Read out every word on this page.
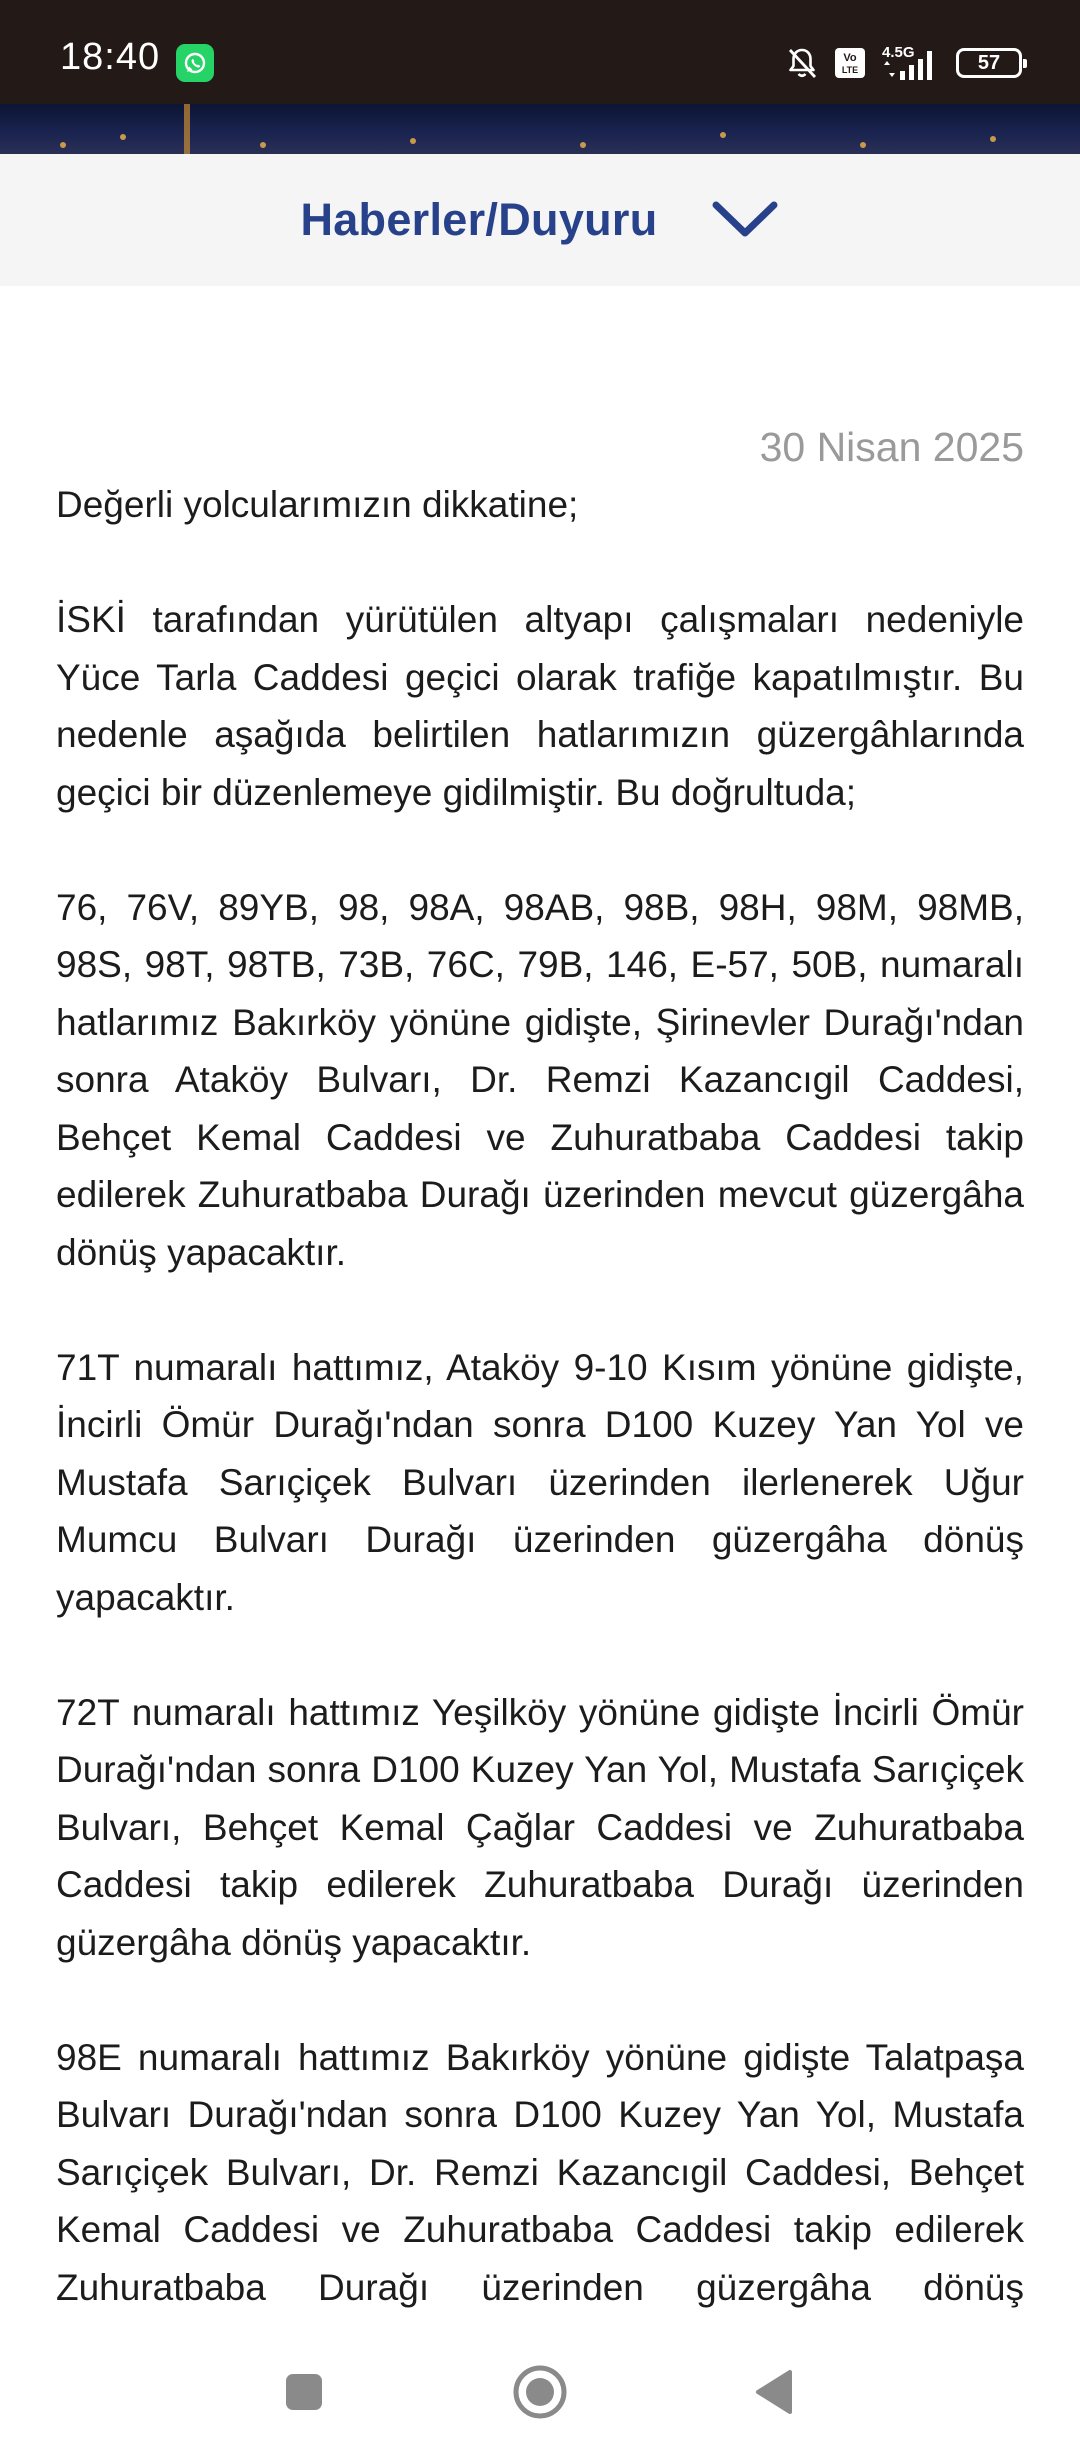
18:40	Vo
LTE
4.5G	57
Haberler/Duyuru
30 Nisan 2025

Değerli yolcularımızın dikkatine;

İSKİ tarafından yürütülen altyapı çalışmaları nedeniyle Yüce Tarla Caddesi geçici olarak trafiğe kapatılmıştır. Bu nedenle aşağıda belirtilen hatlarımızın güzergâhlarında geçici bir düzenlemeye gidilmiştir. Bu doğrultuda;

76, 76V, 89YB, 98, 98A, 98AB, 98B, 98H, 98M, 98MB, 98S, 98T, 98TB, 73B, 76C, 79B, 146, E-57, 50B, numaralı hatlarımız Bakırköy yönüne gidişte, Şirinevler Durağı'ndan sonra Ataköy Bulvarı, Dr. Remzi Kazancıgil Caddesi, Behçet Kemal Caddesi ve Zuhuratbaba Caddesi takip edilerek Zuhuratbaba Durağı üzerinden mevcut güzergâha dönüş yapacaktır.

71T numaralı hattımız, Ataköy 9-10 Kısım yönüne gidişte, İncirli Ömür Durağı'ndan sonra D100 Kuzey Yan Yol ve Mustafa Sarıçiçek Bulvarı üzerinden ilerlenerek Uğur Mumcu Bulvarı Durağı üzerinden güzergâha dönüş yapacaktır.

72T numaralı hattımız Yeşilköy yönüne gidişte İncirli Ömür Durağı'ndan sonra D100 Kuzey Yan Yol, Mustafa Sarıçiçek Bulvarı, Behçet Kemal Çağlar Caddesi ve Zuhuratbaba Caddesi takip edilerek Zuhuratbaba Durağı üzerinden güzergâha dönüş yapacaktır.

98E numaralı hattımız Bakırköy yönüne gidişte Talatpaşa Bulvarı Durağı'ndan sonra D100 Kuzey Yan Yol, Mustafa Sarıçiçek Bulvarı, Dr. Remzi Kazancıgil Caddesi, Behçet Kemal Caddesi ve Zuhuratbaba Caddesi takip edilerek Zuhuratbaba Durağı üzerinden güzergâha dönüş
